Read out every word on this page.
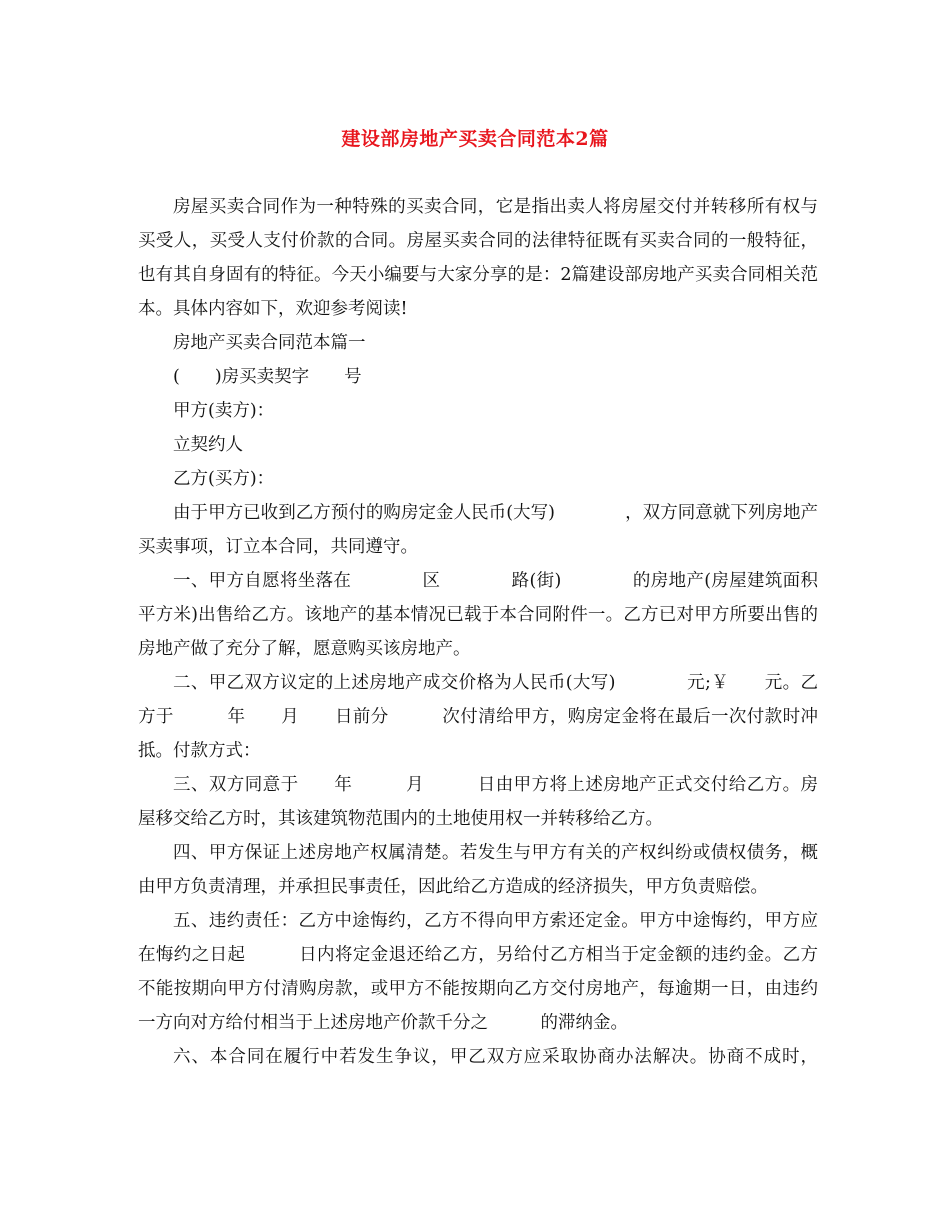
建设部房地产买卖合同范本2篇

房屋买卖合同作为一种特殊的买卖合同，它是指出卖人将房屋交付并转移所有权与买受人，买受人支付价款的合同。房屋买卖合同的法律特征既有买卖合同的一般特征，也有其自身固有的特征。今天小编要与大家分享的是：2篇建设部房地产买卖合同相关范本。具体内容如下，欢迎参考阅读!

房地产买卖合同范本篇一

(　　)房买卖契字　　号

甲方(卖方)：

立契约人

乙方(买方)：

由于甲方已收到乙方预付的购房定金人民币(大写)　　　　，双方同意就下列房地产买卖事项，订立本合同，共同遵守。

一、甲方自愿将坐落在　　　　区　　　　路(街)　　　　的房地产(房屋建筑面积　　　　平方米)出售给乙方。该地产的基本情况已载于本合同附件一。乙方已对甲方所要出售的房地产做了充分了解，愿意购买该房地产。

二、甲乙双方议定的上述房地产成交价格为人民币(大写)　　　　元;￥　　元。乙方于　　　年　　月　　日前分　　　次付清给甲方，购房定金将在最后一次付款时冲抵。付款方式：

三、双方同意于　　年　　　月　　　日由甲方将上述房地产正式交付给乙方。房屋移交给乙方时，其该建筑物范围内的土地使用权一并转移给乙方。

四、甲方保证上述房地产权属清楚。若发生与甲方有关的产权纠纷或债权债务，概由甲方负责清理，并承担民事责任，因此给乙方造成的经济损失，甲方负责赔偿。

五、违约责任：乙方中途悔约，乙方不得向甲方索还定金。甲方中途悔约，甲方应在悔约之日起　　　日内将定金退还给乙方，另给付乙方相当于定金额的违约金。乙方不能按期向甲方付清购房款，或甲方不能按期向乙方交付房地产，每逾期一日，由违约一方向对方给付相当于上述房地产价款千分之　　　的滞纳金。

六、本合同在履行中若发生争议，甲乙双方应采取协商办法解决。协商不成时，
